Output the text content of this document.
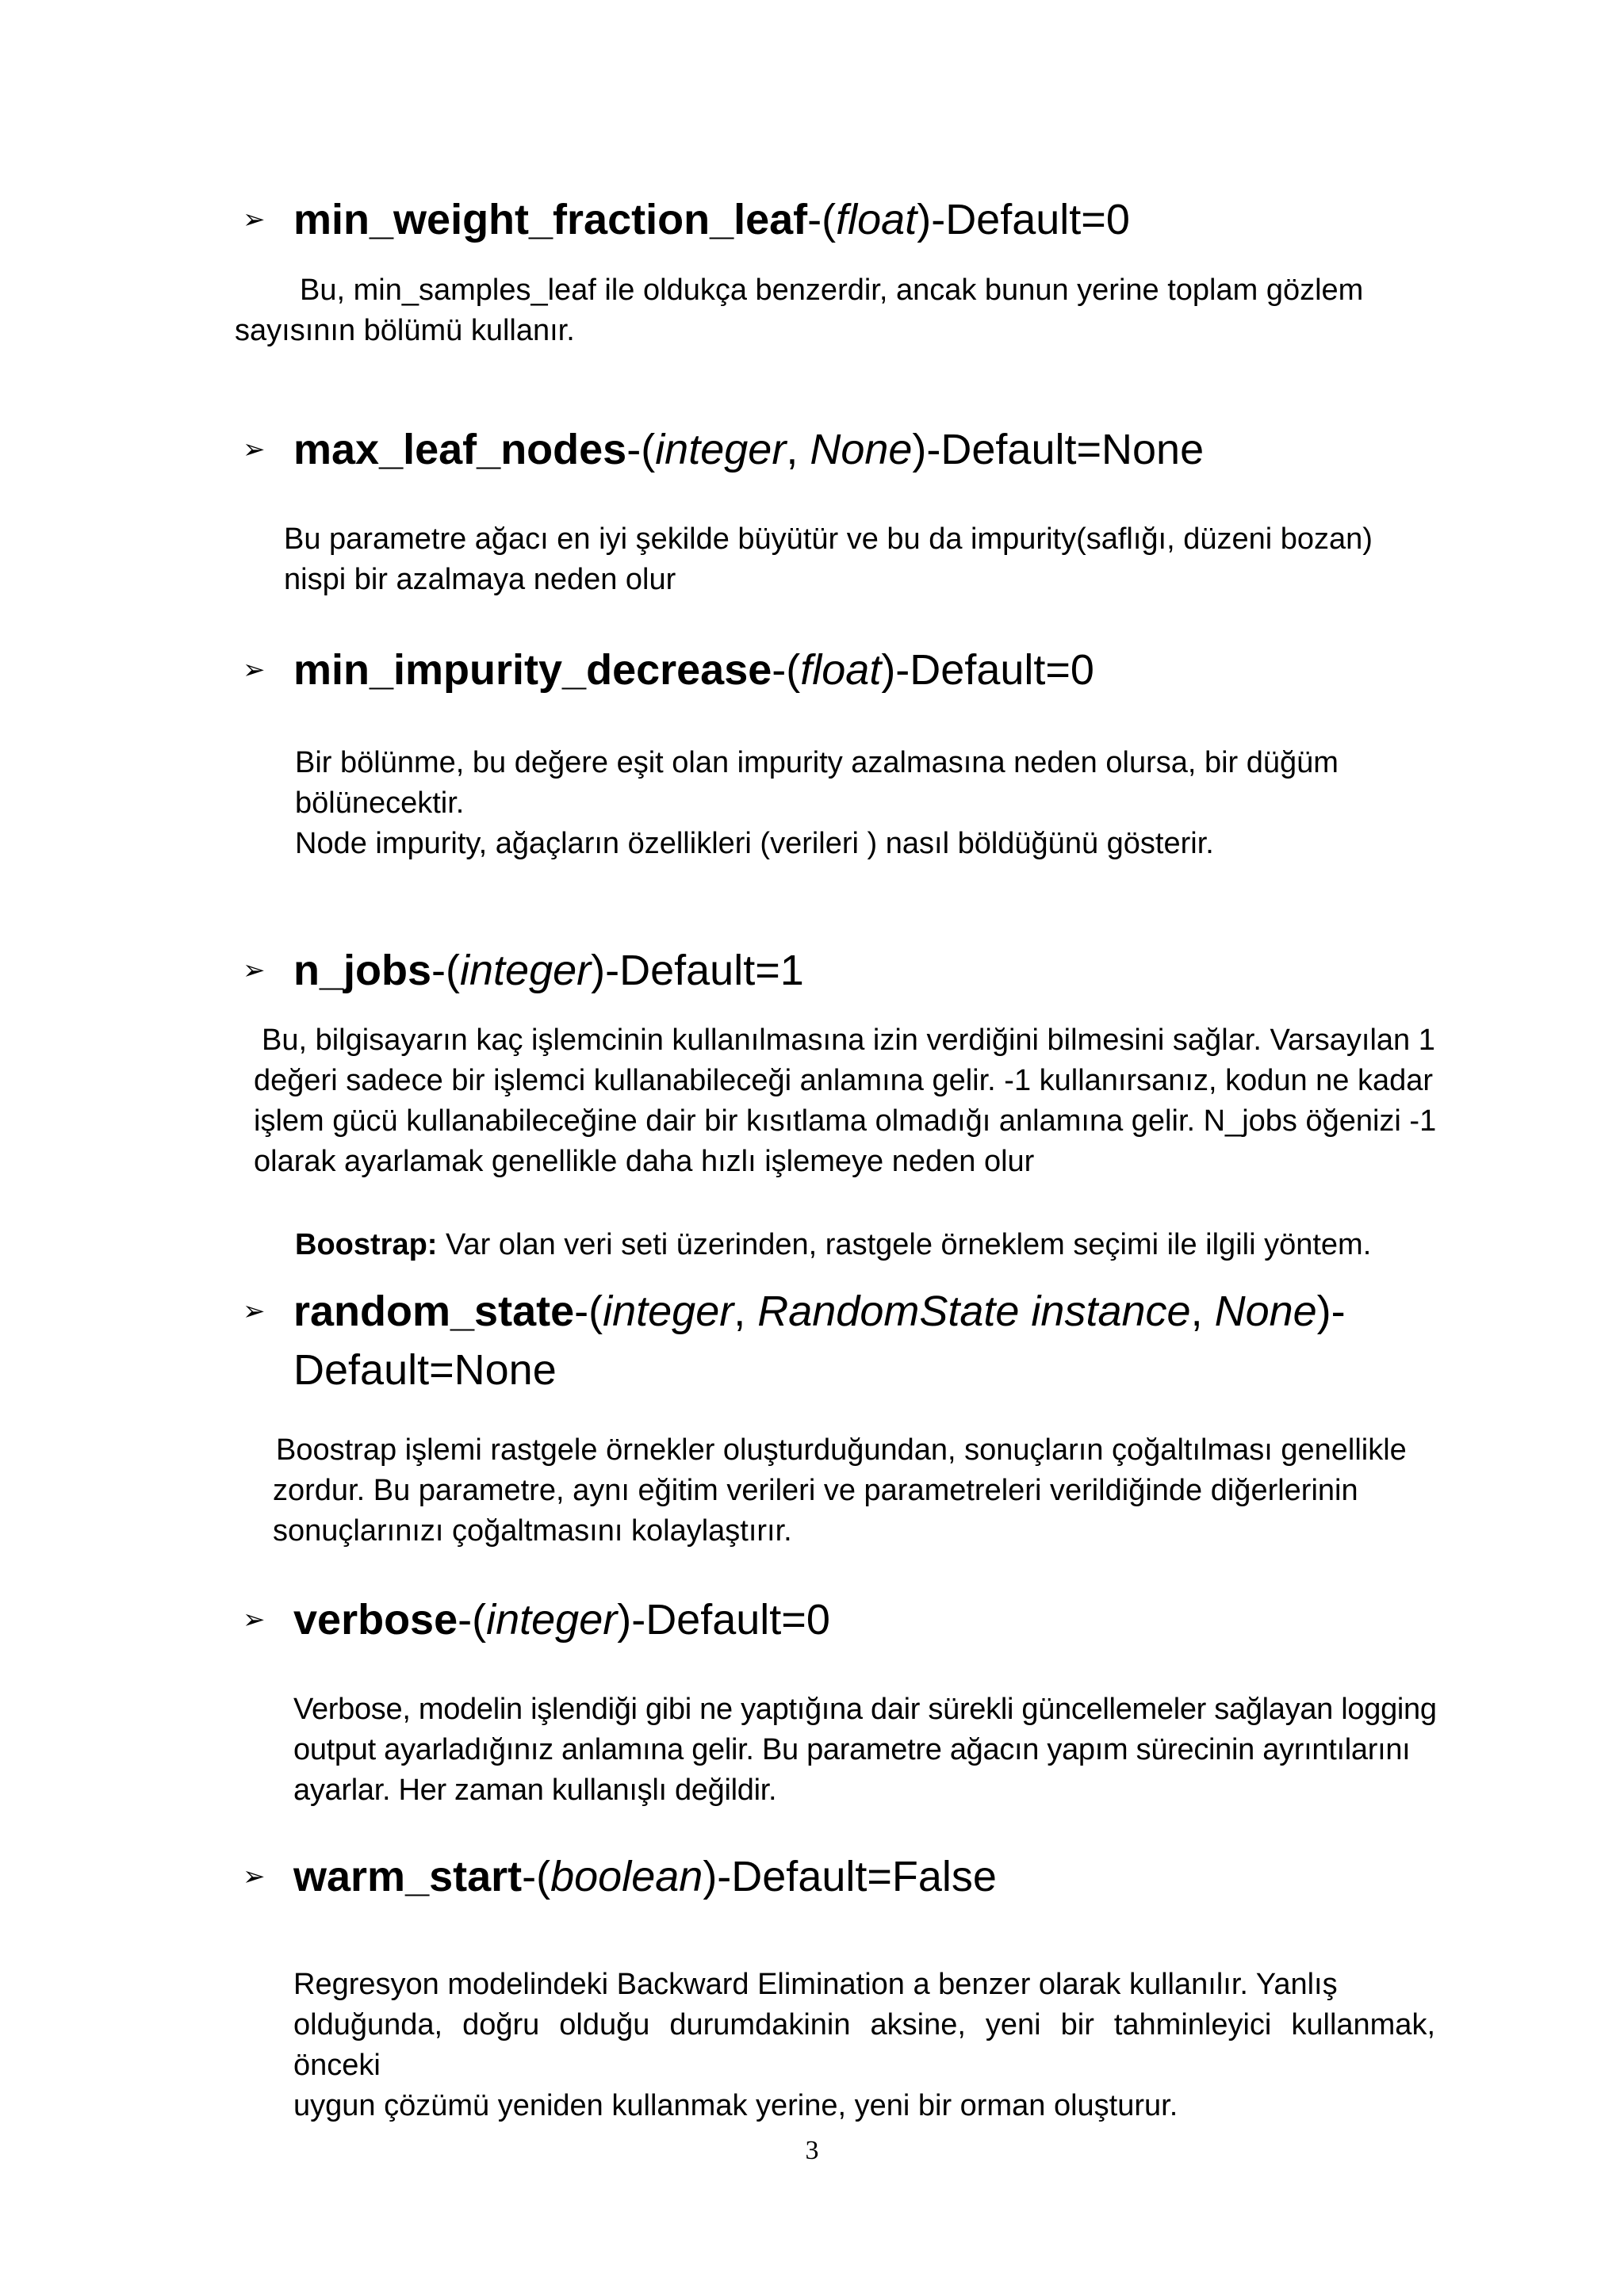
➢ min_weight_fraction_leaf-(float)-Default=0

Bu, min_samples_leaf ile oldukça benzerdir, ancak bunun yerine toplam gözlem

sayısının bölümü kullanır.

➢ max_leaf_nodes-(integer, None)-Default=None

Bu parametre ağacı en iyi şekilde büyütür ve bu da impurity(saflığı, düzeni bozan)

nispi bir azalmaya neden olur

➢ min_impurity_decrease-(float)-Default=0

Bir bölünme, bu değere eşit olan impurity azalmasına neden olursa, bir düğüm

bölünecektir.

Node impurity, ağaçların özellikleri (verileri ) nasıl böldüğünü gösterir.

➢ n_jobs-(integer)-Default=1

Bu, bilgisayarın kaç işlemcinin kullanılmasına izin verdiğini bilmesini sağlar. Varsayılan 1

değeri sadece bir işlemci kullanabileceği anlamına gelir. -1 kullanırsanız, kodun ne kadar

işlem gücü kullanabileceğine dair bir kısıtlama olmadığı anlamına gelir. N_jobs öğenizi -1

olarak ayarlamak genellikle daha hızlı işlemeye neden olur

Boostrap: Var olan veri seti üzerinden, rastgele örneklem seçimi ile ilgili yöntem.

➢ random_state-(integer, RandomState instance, None)-Default=None

Boostrap işlemi rastgele örnekler oluşturduğundan, sonuçların çoğaltılması genellikle

zordur. Bu parametre, aynı eğitim verileri ve parametreleri verildiğinde diğerlerinin

sonuçlarınızı çoğaltmasını kolaylaştırır.

➢ verbose-(integer)-Default=0

Verbose, modelin işlendiği gibi ne yaptığına dair sürekli güncellemeler sağlayan logging

output ayarladığınız anlamına gelir. Bu parametre ağacın yapım sürecinin ayrıntılarını

ayarlar. Her zaman kullanışlı değildir.

➢ warm_start-(boolean)-Default=False

Regresyon modelindeki Backward Elimination a benzer olarak kullanılır. Yanlış

olduğunda, doğru olduğu durumdakinin aksine, yeni bir tahminleyici kullanmak, önceki

uygun çözümü yeniden kullanmak yerine, yeni bir orman oluşturur.

3
